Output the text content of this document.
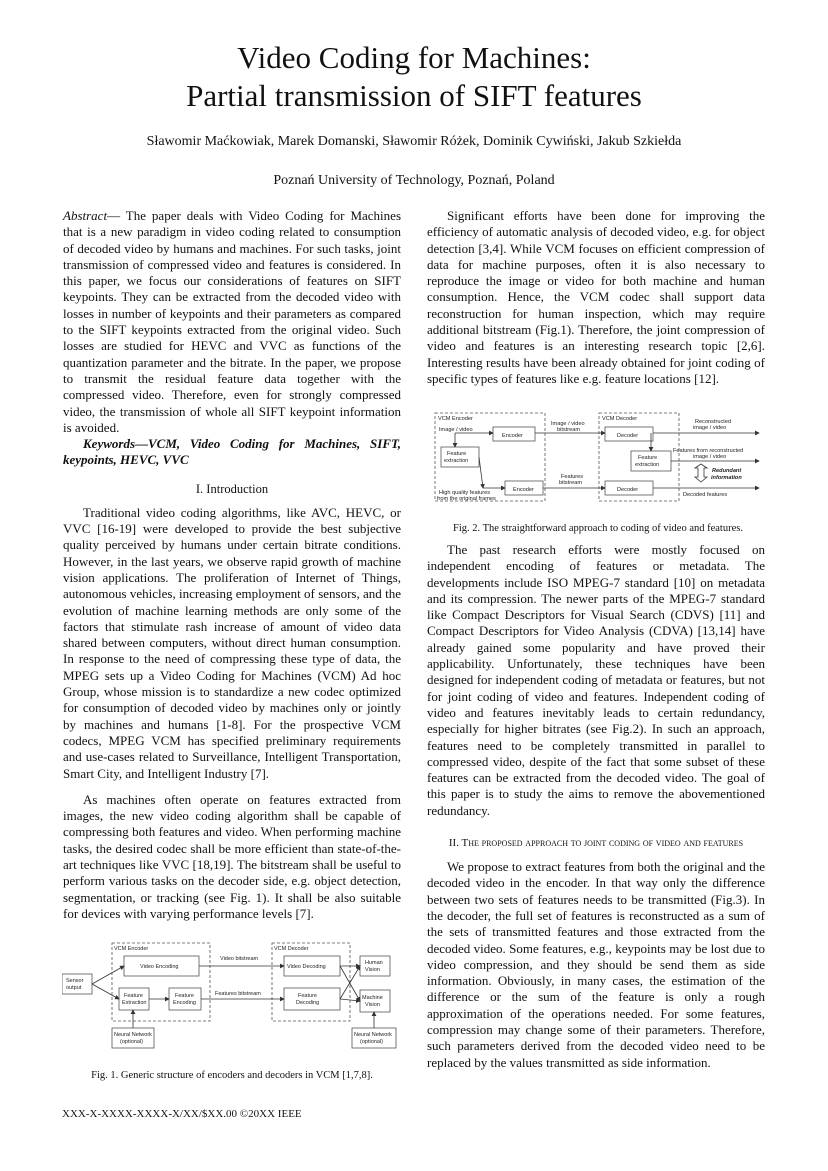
Video Coding for Machines:
Partial transmission of SIFT features
Sławomir Maćkowiak, Marek Domanski, Sławomir Różek, Dominik Cywiński, Jakub Szkiełda
Poznań University of Technology, Poznań, Poland

Abstract— The paper deals with Video Coding for Machines that is a new paradigm in video coding related to consumption of decoded video by humans and machines. For such tasks, joint transmission of compressed video and features is considered. In this paper, we focus our considerations of features on SIFT keypoints. They can be extracted from the decoded video with losses in number of keypoints and their parameters as compared to the SIFT keypoints extracted from the original video. Such losses are studied for HEVC and VVC as functions of the quantization parameter and the bitrate. In the paper, we propose to transmit the residual feature data together with the compressed video. Therefore, even for strongly compressed video, the transmission of whole all SIFT keypoint information is avoided.

Keywords—VCM, Video Coding for Machines, SIFT, keypoints, HEVC, VVC

I. Introduction

Traditional video coding algorithms, like AVC, HEVC, or VVC [16-19] were developed to provide the best subjective quality perceived by humans under certain bitrate conditions. However, in the last years, we observe rapid growth of machine vision applications. The proliferation of Internet of Things, autonomous vehicles, increasing employment of sensors, and the evolution of machine learning methods are only some of the factors that stimulate rash increase of amount of video data shared between computers, without direct human consumption. In response to the need of compressing these type of data, the MPEG sets up a Video Coding for Machines (VCM) Ad hoc Group, whose mission is to standardize a new codec optimized for consumption of decoded video by machines only or jointly by machines and humans [1-8]. For the prospective VCM codecs, MPEG VCM has specified preliminary requirements and use-cases related to Surveillance, Intelligent Transportation, Smart City, and Intelligent Industry [7].

As machines often operate on features extracted from images, the new video coding algorithm shall be capable of compressing both features and video. When performing machine tasks, the desired codec shall be more efficient than state-of-the-art techniques like VVC [18,19]. The bitstream shall be useful to perform various tasks on the decoder side, e.g. object detection, segmentation, or tracking (see Fig. 1). It shall be also suitable for devices with varying performance levels [7].

VCM Encoder	VCM Decoder
Sensor
output
Video Encoding
Feature
Extraction
Feature
Encoding
Video bitstream
Features bitstream
Video Decoding
Feature
Decoding
Human
Vision
Machine
Vision
Neural Network
(optional)
Neural Network
(optional)
Fig. 1. Generic structure of encoders and decoders in VCM [1,7,8].

Significant efforts have been done for improving the efficiency of automatic analysis of decoded video, e.g. for object detection [3,4]. While VCM focuses on efficient compression of data for machine purposes, often it is also necessary to reproduce the image or video for both machine and human consumption. Hence, the VCM codec shall support data reconstruction for human inspection, which may require additional bitstream (Fig.1). Therefore, the joint compression of video and features is an interesting research topic [2,6]. Interesting results have been already obtained for joint coding of specific types of features like e.g. feature locations [12].

VCM Encoder	VCM Decoder
Image / video
Encoder
Feature
extraction
Encoder
High quality features
from the original frames
Image / video
bitstream
Features
bitstream
Decoder
Feature
extraction
Decoder
Reconstructed
image / video
Features from reconstructed
image / video
Redundant
information
Decoded features
Fig. 2. The straightforward approach to coding of video and features.

The past research efforts were mostly focused on independent encoding of features or metadata. The developments include ISO MPEG-7 standard [10] on metadata and its compression. The newer parts of the MPEG-7 standard like Compact Descriptors for Visual Search (CDVS) [11] and Compact Descriptors for Video Analysis (CDVA) [13,14] have already gained some popularity and have proved their applicability. Unfortunately, these techniques have been designed for independent coding of metadata or features, but not for joint coding of video and features. Independent coding of video and features inevitably leads to certain redundancy, especially for higher bitrates (see Fig.2). In such an approach, features need to be completely transmitted in parallel to compressed video, despite of the fact that some subset of these features can be extracted from the decoded video. The goal of this paper is to study the aims to remove the abovementioned redundancy.

II. The proposed approach to joint coding of video and features

We propose to extract features from both the original and the decoded video in the encoder. In that way only the difference between two sets of features needs to be transmitted (Fig.3). In the decoder, the full set of features is reconstructed as a sum of the sets of transmitted features and those extracted from the decoded video. Some features, e.g., keypoints may be lost due to video compression, and they should be send them as side information. Obviously, in many cases, the estimation of the difference or the sum of the feature is only a rough approximation of the operations needed. For some features, compression may change some of their parameters. Therefore, such parameters derived from the decoded video need to be replaced by the values transmitted as side information.

XXX-X-XXXX-XXXX-X/XX/$XX.00 ©20XX IEEE
